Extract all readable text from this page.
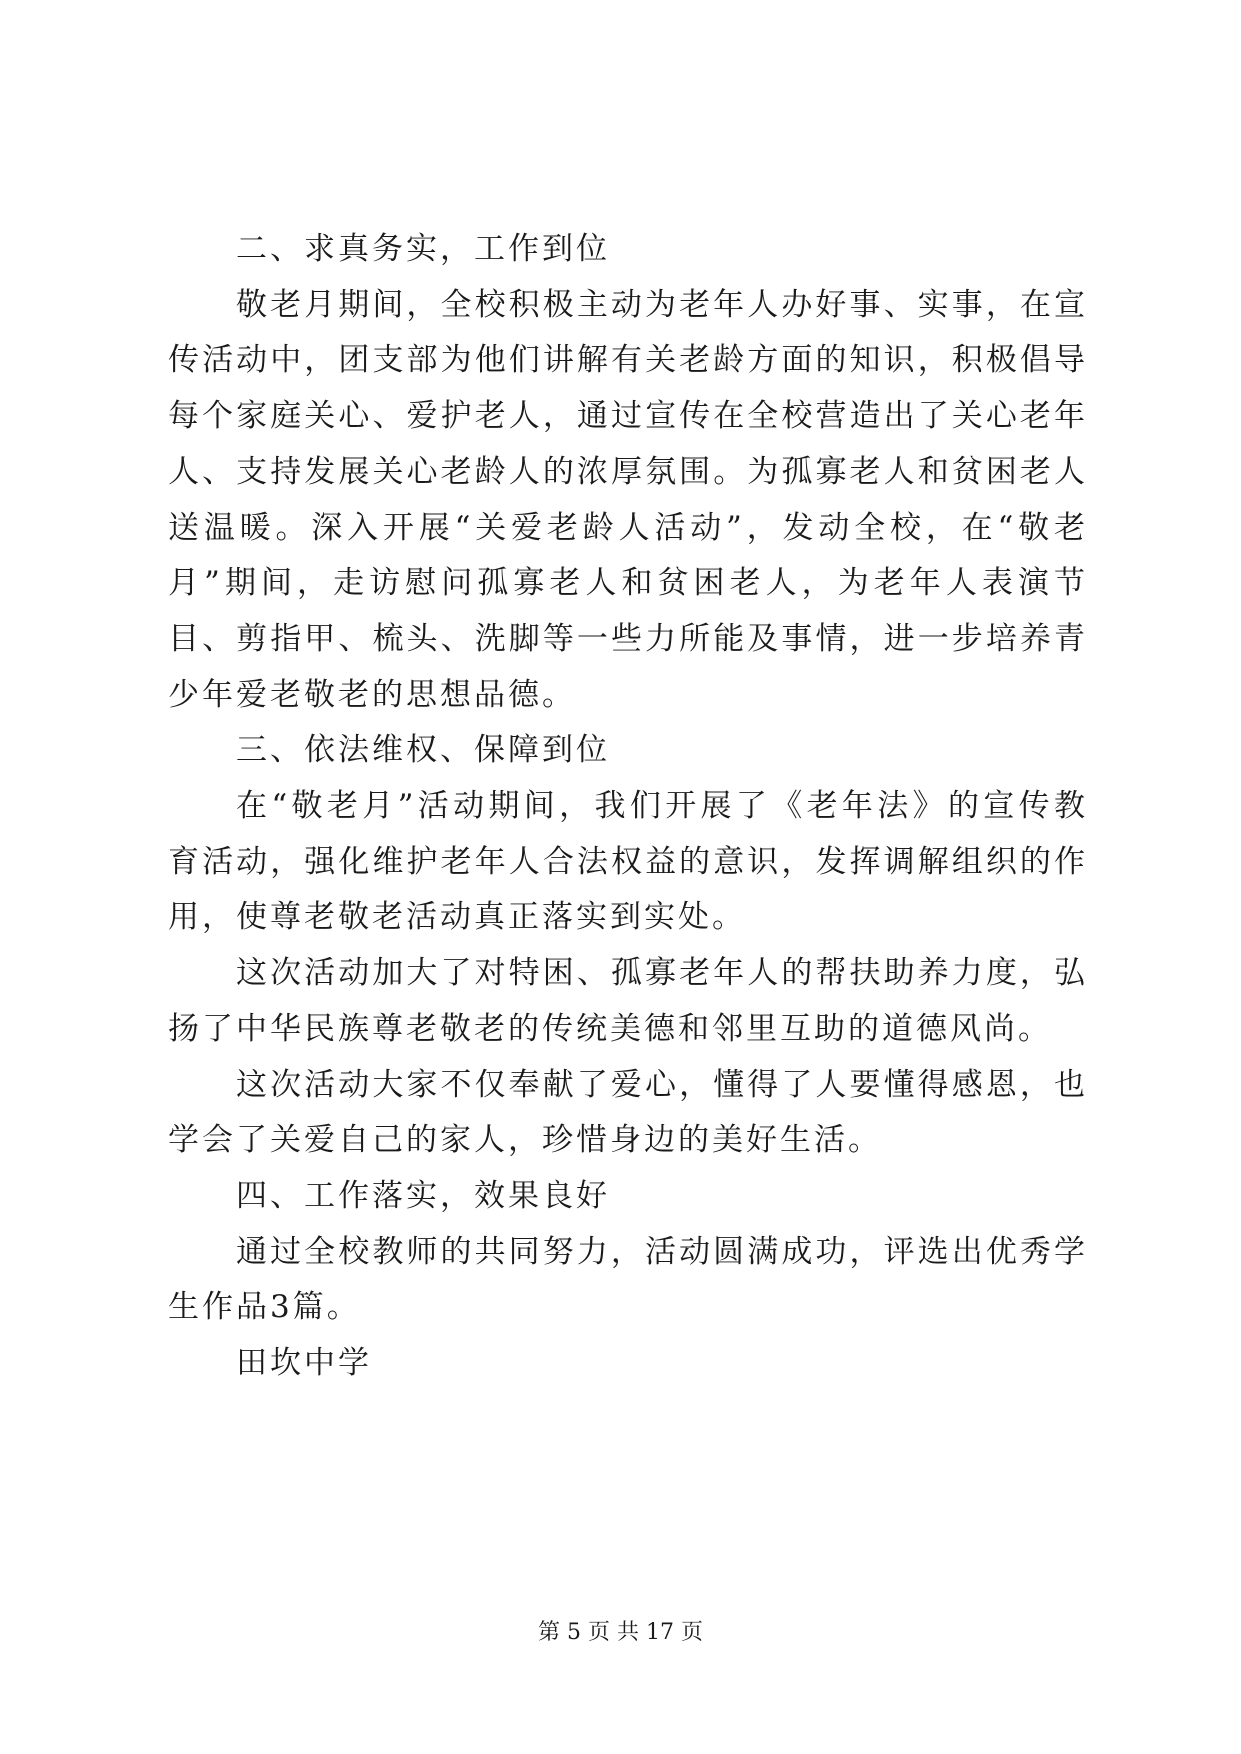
二、求真务实，工作到位

敬老月期间，全校积极主动为老年人办好事、实事，在宣传活动中，团支部为他们讲解有关老龄方面的知识，积极倡导每个家庭关心、爱护老人，通过宣传在全校营造出了关心老年人、支持发展关心老龄人的浓厚氛围。为孤寡老人和贫困老人送温暖。深入开展“关爱老龄人活动”，发动全校，在“敬老月”期间，走访慰问孤寡老人和贫困老人，为老年人表演节目、剪指甲、梳头、洗脚等一些力所能及事情，进一步培养青少年爱老敬老的思想品德。

三、依法维权、保障到位

在“敬老月”活动期间，我们开展了《老年法》的宣传教育活动，强化维护老年人合法权益的意识，发挥调解组织的作用，使尊老敬老活动真正落实到实处。

这次活动加大了对特困、孤寡老年人的帮扶助养力度，弘扬了中华民族尊老敬老的传统美德和邻里互助的道德风尚。

这次活动大家不仅奉献了爱心，懂得了人要懂得感恩，也学会了关爱自己的家人，珍惜身边的美好生活。

四、工作落实，效果良好

通过全校教师的共同努力，活动圆满成功，评选出优秀学生作品3篇。

田坎中学

第 5 页 共 17 页
